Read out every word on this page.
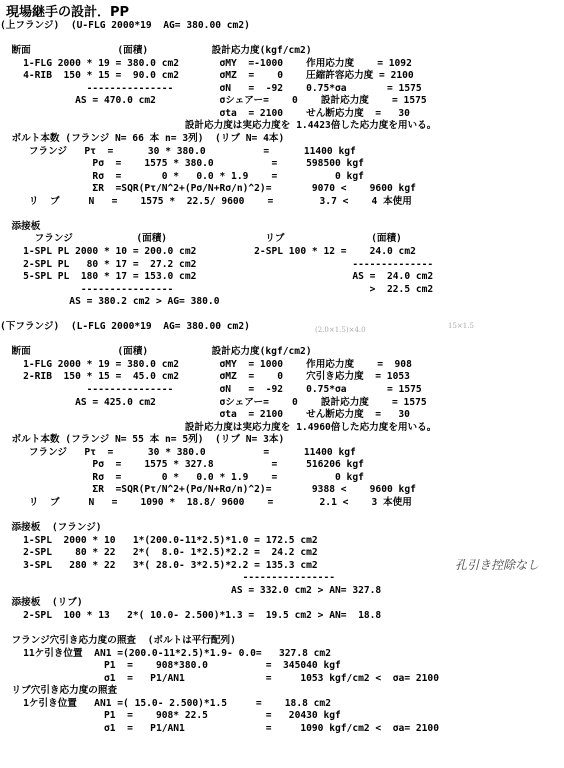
現場継手の設計．PP
(上フランジ)  (U-FLG 2000*19  AG= 380.00 cm2)
断面               (面積)           設計応力度(kgf/cm2)
1-FLG 2000 * 19 = 380.0 cm2       σMY  =-1000    作用応力度    = 1092
4-RIB  150 * 15 =  90.0 cm2       σMZ  =    0    圧縮許容応力度 = 2100
---------------        σN   =  -92    0.75*σa       = 1575
AS = 470.0 cm2           σシェアー=    0    設計応力度    = 1575
σta  = 2100    せん断応力度  =   30
設計応力度は実応力度を 1.4423倍した応力度を用いる。
ボルト本数 (フランジ N= 66 本 n= 3列)  (リブ N= 4本)
フランジ   Pτ  =      30 * 380.0          =      11400 kgf
Pσ  =    1575 * 380.0          =     598500 kgf
Rσ  =       0 *   0.0 * 1.9    =          0 kgf
ΣR  =SQR(Pτ/N^2+(Pσ/N+Rσ/n)^2)=       9070 <    9600 kgf
リ  ブ     N   =    1575 *  22.5/ 9600    =        3.7 <    4 本使用
添接板
フランジ           (面積)                 リブ               (面積)
1-SPL PL 2000 * 10 = 200.0 cm2          2-SPL 100 * 12 =    24.0 cm2
2-SPL PL   80 * 17 =  27.2 cm2                           --------------
5-SPL PL  180 * 17 = 153.0 cm2                           AS =  24.0 cm2
----------------                                  >  22.5 cm2
AS = 380.2 cm2 > AG= 380.0
(下フランジ)  (L-FLG 2000*19  AG= 380.00 cm2)
断面               (面積)           設計応力度(kgf/cm2)
1-FLG 2000 * 19 = 380.0 cm2       σMY  = 1000    作用応力度    =  908
2-RIB  150 * 15 =  45.0 cm2       σMZ  =    0    穴引き応力度  = 1053
---------------        σN   =  -92    0.75*σa       = 1575
AS = 425.0 cm2           σシェアー=    0    設計応力度    = 1575
σta  = 2100    せん断応力度  =   30
設計応力度は実応力度を 1.4960倍した応力度を用いる。
ボルト本数 (フランジ N= 55 本 n= 5列)  (リブ N= 3本)
フランジ   Pτ  =      30 * 380.0          =      11400 kgf
Pσ  =    1575 * 327.8          =     516206 kgf
Rσ  =       0 *   0.0 * 1.9    =          0 kgf
ΣR  =SQR(Pτ/N^2+(Pσ/N+Rσ/n)^2)=       9388 <    9600 kgf
リ  ブ     N   =    1090 *  18.8/ 9600    =        2.1 <    3 本使用
添接板  (フランジ)
1-SPL  2000 * 10   1*(200.0-11*2.5)*1.0 = 172.5 cm2
2-SPL    80 * 22   2*(  8.0- 1*2.5)*2.2 =  24.2 cm2
3-SPL   280 * 22   3*( 28.0- 3*2.5)*2.2 = 135.3 cm2
----------------
AS = 332.0 cm2 > AN= 327.8
添接板  (リブ)
2-SPL  100 * 13   2*( 10.0- 2.500)*1.3 =  19.5 cm2 > AN=  18.8
フランジ穴引き応力度の照査  (ボルトは平行配列)
11ケ引き位置  AN1 =(200.0-11*2.5)*1.9- 0.0=   327.8 cm2
P1  =    908*380.0          =  345040 kgf
σ1  =   P1/AN1              =     1053 kgf/cm2 <  σa= 2100
リブ穴引き応力度の照査
1ケ引き位置   AN1 =( 15.0- 2.500)*1.5     =    18.8 cm2
P1  =    908* 22.5          =   20430 kgf
σ1  =   P1/AN1              =     1090 kgf/cm2 <  σa= 2100
孔引き控除なし
(2.0×1.5)×4.0	15×1.5
